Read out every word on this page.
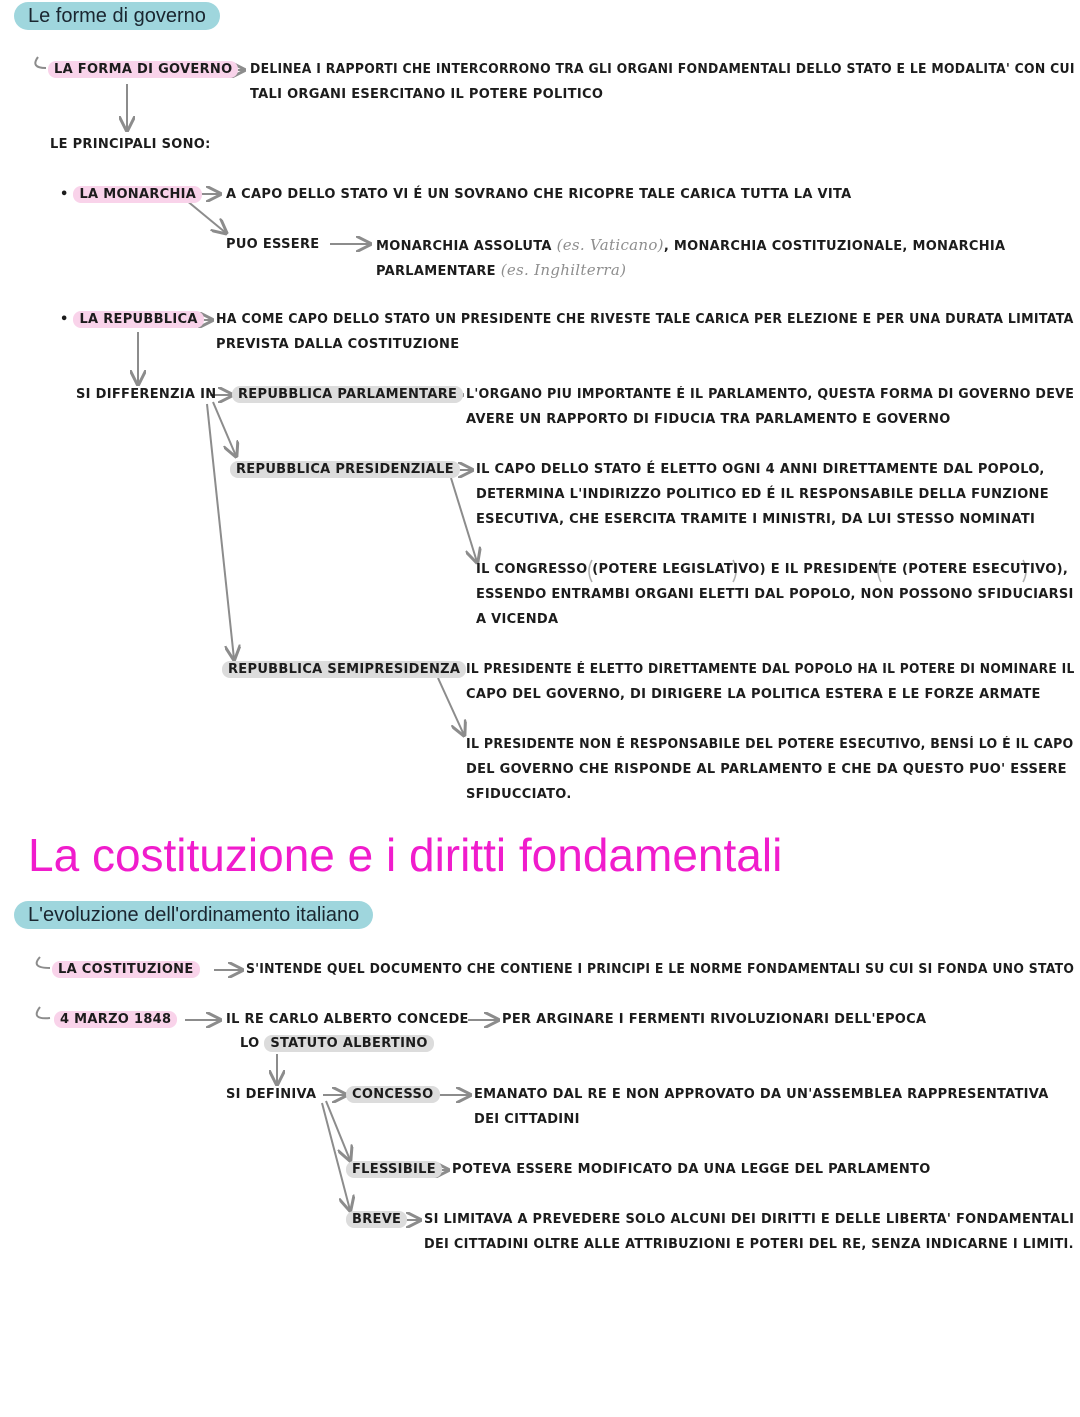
Le forme di governo
LA FORMA DI GOVERNO	DELINEA I RAPPORTI CHE INTERCORRONO TRA GLI ORGANI FONDAMENTALI DELLO STATO E LE MODALITA' CON CUI
TALI ORGANI ESERCITANO IL POTERE POLITICO
LE PRINCIPALI SONO:
• LA MONARCHIA	A CAPO DELLO STATO VI É UN SOVRANO CHE RICOPRE TALE CARICA TUTTA LA VITA
PUO ESSERE	MONARCHIA ASSOLUTA (es. Vaticano), MONARCHIA COSTITUZIONALE, MONARCHIA
PARLAMENTARE (es. Inghilterra)
• LA REPUBBLICA	HA COME CAPO DELLO STATO UN PRESIDENTE CHE RIVESTE TALE CARICA PER ELEZIONE E PER UNA DURATA LIMITATA
PREVISTA DALLA COSTITUZIONE
SI DIFFERENZIA IN	REPUBBLICA PARLAMENTARE L'ORGANO PIU IMPORTANTE É IL PARLAMENTO, QUESTA FORMA DI GOVERNO DEVE
AVERE UN RAPPORTO DI FIDUCIA TRA PARLAMENTO E GOVERNO
REPUBBLICA PRESIDENZIALE	IL CAPO DELLO STATO É ELETTO OGNI 4 ANNI DIRETTAMENTE DAL POPOLO,
DETERMINA L'INDIRIZZO POLITICO ED É IL RESPONSABILE DELLA FUNZIONE
ESECUTIVA, CHE ESERCITA TRAMITE I MINISTRI, DA LUI STESSO NOMINATI
IL CONGRESSO (POTERE LEGISLATIVO) E IL PRESIDENTE (POTERE ESECUTIVO),
ESSENDO ENTRAMBI ORGANI ELETTI DAL POPOLO, NON POSSONO SFIDUCIARSI
A VICENDA
REPUBBLICA SEMIPRESIDENZA IL PRESIDENTE É ELETTO DIRETTAMENTE DAL POPOLO HA IL POTERE DI NOMINARE IL
CAPO DEL GOVERNO, DI DIRIGERE LA POLITICA ESTERA E LE FORZE ARMATE
IL PRESIDENTE NON É RESPONSABILE DEL POTERE ESECUTIVO, BENSÍ LO É IL CAPO
DEL GOVERNO CHE RISPONDE AL PARLAMENTO E CHE DA QUESTO PUO' ESSERE
SFIDUCCIATO.
La costituzione e i diritti fondamentali
L'evoluzione dell'ordinamento italiano
LA COSTITUZIONE	S'INTENDE QUEL DOCUMENTO CHE CONTIENE I PRINCIPI E LE NORME FONDAMENTALI SU CUI SI FONDA UNO STATO
4 MARZO 1848	IL RE CARLO ALBERTO CONCEDE	PER ARGINARE I FERMENTI RIVOLUZIONARI DELL'EPOCA
LO STATUTO ALBERTINO
SI DEFINIVA	CONCESSO	EMANATO DAL RE E NON APPROVATO DA UN'ASSEMBLEA RAPPRESENTATIVA
DEI CITTADINI
FLESSIBILE	POTEVA ESSERE MODIFICATO DA UNA LEGGE DEL PARLAMENTO
BREVE	SI LIMITAVA A PREVEDERE SOLO ALCUNI DEI DIRITTI E DELLE LIBERTA' FONDAMENTALI
DEI CITTADINI OLTRE ALLE ATTRIBUZIONI E POTERI DEL RE, SENZA INDICARNE I LIMITI.
